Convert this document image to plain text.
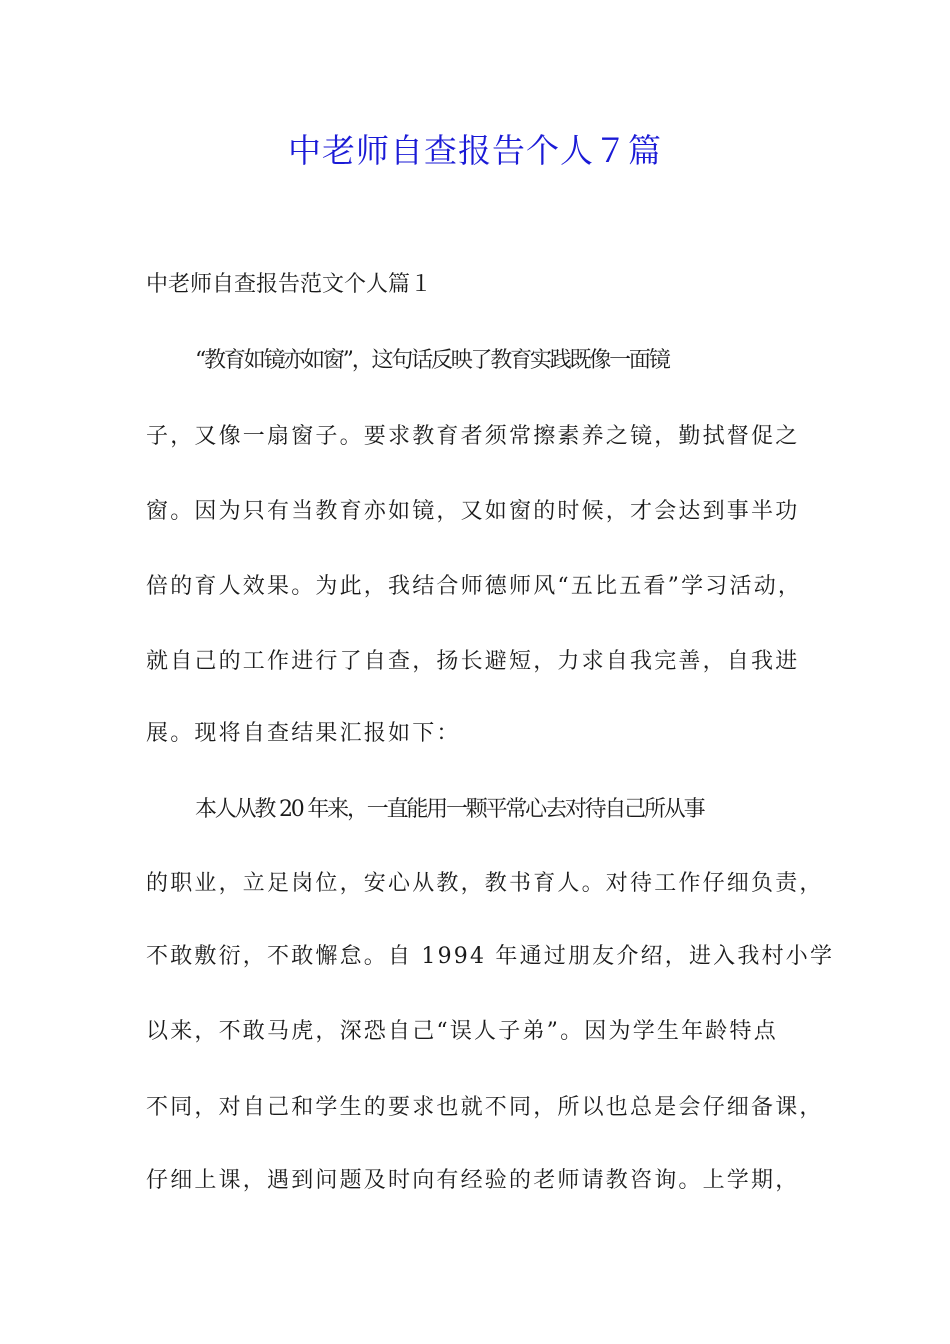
中老师自查报告个人７篇
中老师自查报告范文个人篇１
“教育如镜亦如窗”，这句话反映了教育实践既像一面镜
子，又像一扇窗子。要求教育者须常擦素养之镜，勤拭督促之
窗。因为只有当教育亦如镜，又如窗的时候，才会达到事半功
倍的育人效果。为此，我结合师德师风“五比五看”学习活动，
就自己的工作进行了自查，扬长避短，力求自我完善，自我进
展。现将自查结果汇报如下：
本人从教 20 年来，一直能用一颗平常心去对待自己所从事
的职业，立足岗位，安心从教，教书育人。对待工作仔细负责，
不敢敷衍，不敢懈怠。自 1994 年通过朋友介绍，进入我村小学
以来，不敢马虎，深恐自己“误人子弟”。因为学生年龄特点
不同，对自己和学生的要求也就不同，所以也总是会仔细备课，
仔细上课，遇到问题及时向有经验的老师请教咨询。上学期，
